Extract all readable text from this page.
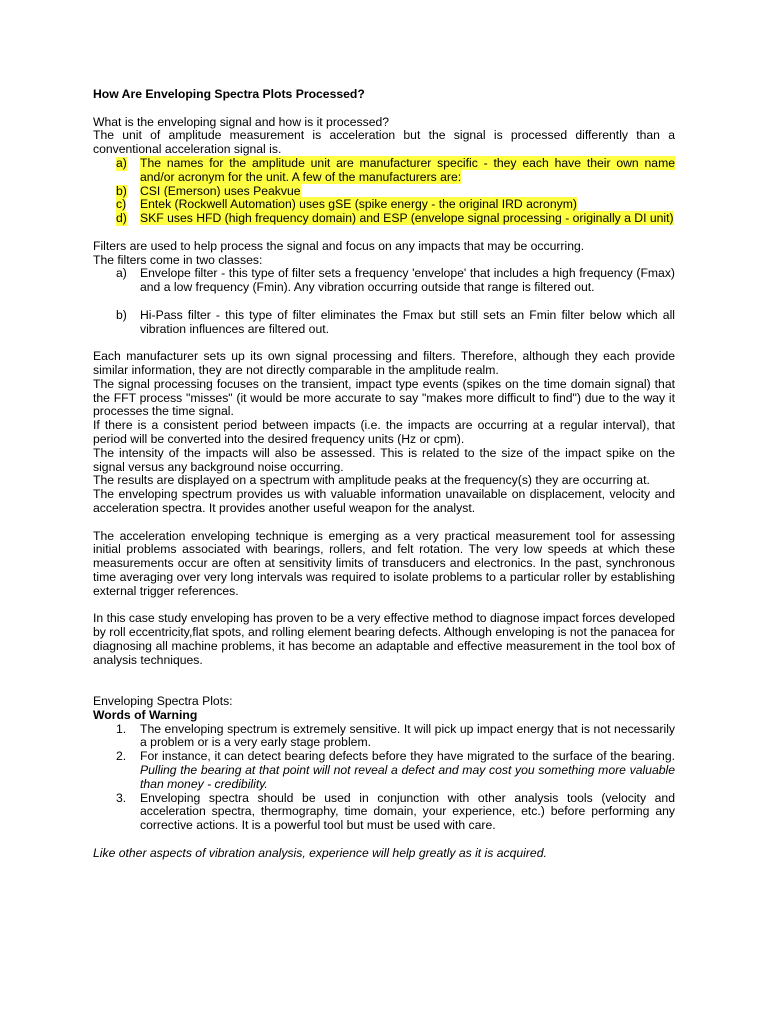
How Are Enveloping Spectra Plots Processed?

What is the enveloping signal and how is it processed?

The unit of amplitude measurement is acceleration but the signal is processed differently than a conventional acceleration signal is.

a) The names for the amplitude unit are manufacturer specific - they each have their own name and/or acronym for the unit. A few of the manufacturers are:
b) CSI (Emerson) uses Peakvue
c) Entek (Rockwell Automation) uses gSE (spike energy - the original IRD acronym)
d) SKF uses HFD (high frequency domain) and ESP (envelope signal processing - originally a DI unit)

Filters are used to help process the signal and focus on any impacts that may be occurring.

The filters come in two classes:

a) Envelope filter - this type of filter sets a frequency 'envelope' that includes a high frequency (Fmax) and a low frequency (Fmin). Any vibration occurring outside that range is filtered out.
b) Hi-Pass filter - this type of filter eliminates the Fmax but still sets an Fmin filter below which all vibration influences are filtered out.

Each manufacturer sets up its own signal processing and filters. Therefore, although they each provide similar information, they are not directly comparable in the amplitude realm.

The signal processing focuses on the transient, impact type events (spikes on the time domain signal) that the FFT process "misses" (it would be more accurate to say "makes more difficult to find") due to the way it processes the time signal.

If there is a consistent period between impacts (i.e. the impacts are occurring at a regular interval), that period will be converted into the desired frequency units (Hz or cpm).

The intensity of the impacts will also be assessed. This is related to the size of the impact spike on the signal versus any background noise occurring.

The results are displayed on a spectrum with amplitude peaks at the frequency(s) they are occurring at.

The enveloping spectrum provides us with valuable information unavailable on displacement, velocity and acceleration spectra. It provides another useful weapon for the analyst.

The acceleration enveloping technique is emerging as a very practical measurement tool for assessing initial problems associated with bearings, rollers, and felt rotation. The very low speeds at which these measurements occur are often at sensitivity limits of transducers and electronics. In the past, synchronous time averaging over very long intervals was required to isolate problems to a particular roller by establishing external trigger references.

In this case study enveloping has proven to be a very effective method to diagnose impact forces developed by roll eccentricity,flat spots, and rolling element bearing defects. Although enveloping is not the panacea for diagnosing all machine problems, it has become an adaptable and effective measurement in the tool box of analysis techniques.

Enveloping Spectra Plots:

Words of Warning

1. The enveloping spectrum is extremely sensitive. It will pick up impact energy that is not necessarily a problem or is a very early stage problem.
2. For instance, it can detect bearing defects before they have migrated to the surface of the bearing. Pulling the bearing at that point will not reveal a defect and may cost you something more valuable than money - credibility.
3. Enveloping spectra should be used in conjunction with other analysis tools (velocity and acceleration spectra, thermography, time domain, your experience, etc.) before performing any corrective actions. It is a powerful tool but must be used with care.

Like other aspects of vibration analysis, experience will help greatly as it is acquired.
